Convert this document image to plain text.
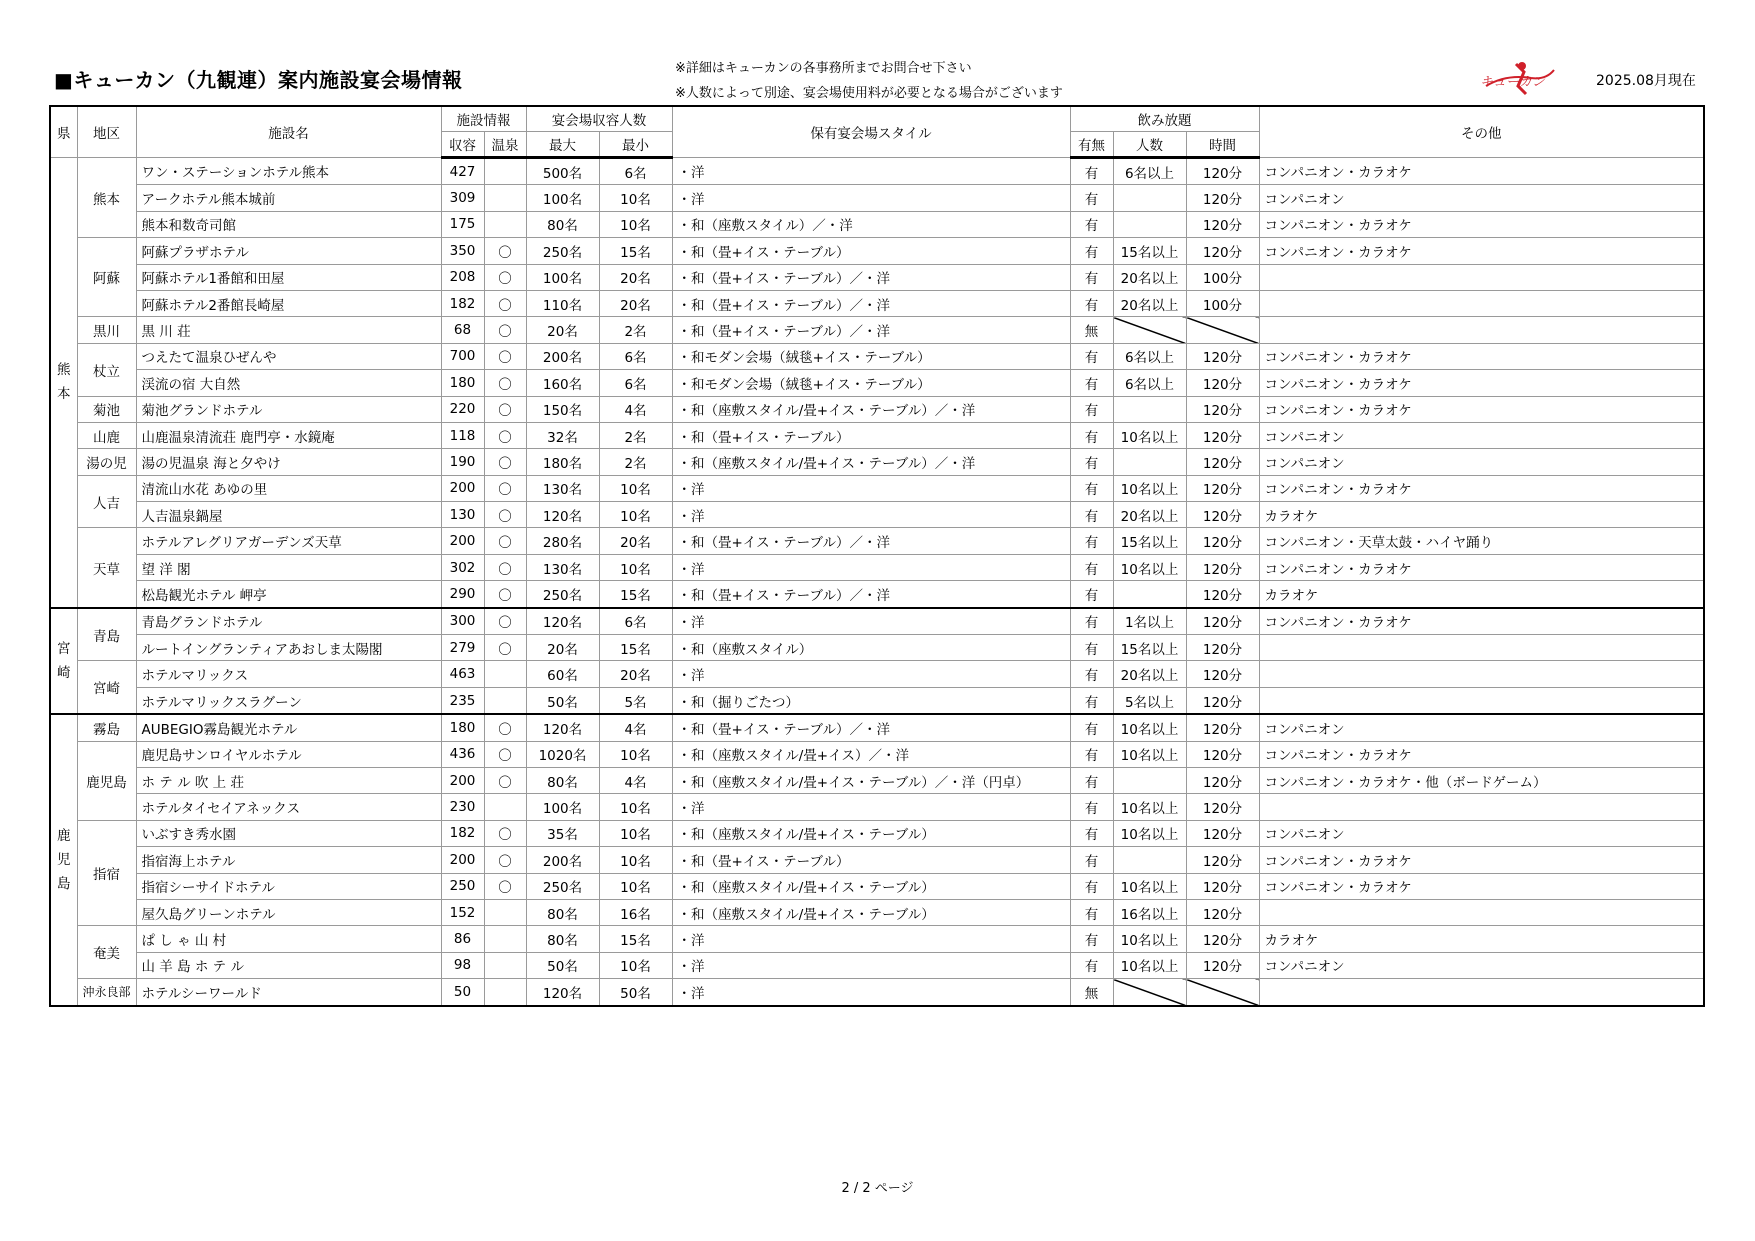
■キューカン（九観連）案内施設宴会場情報	※詳細はキューカンの各事務所までお問合せ下さい
※人数によって別途、宴会場使用料が必要となる場合がございます
キューカン	2025.08月現在
県	地区	施設名	施設情報		宴会場収容人数		保有宴会場スタイル	飲み放題			その他
			収容	温泉	最大	最小		有無	人数	時間	

熊
本	熊本	ワン・ステーションホテル熊本	427		500名	6名	・洋	有	6名以上	120分	コンパニオン・カラオケ
		アークホテル熊本城前	309		100名	10名	・洋	有		120分	コンパニオン
		熊本和数奇司館	175		80名	10名	・和（座敷スタイル）／・洋	有		120分	コンパニオン・カラオケ
	阿蘇	阿蘇プラザホテル	350	〇	250名	15名	・和（畳+イス・テーブル）	有	15名以上	120分	コンパニオン・カラオケ
		阿蘇ホテル1番館和田屋	208	〇	100名	20名	・和（畳+イス・テーブル）／・洋	有	20名以上	100分	
		阿蘇ホテル2番館長崎屋	182	〇	110名	20名	・和（畳+イス・テーブル）／・洋	有	20名以上	100分	
	黒川	黒 川 荘	68	〇	20名	2名	・和（畳+イス・テーブル）／・洋	無			
	杖立	つえたて温泉ひぜんや	700	〇	200名	6名	・和モダン会場（絨毯+イス・テーブル）	有	6名以上	120分	コンパニオン・カラオケ
		渓流の宿 大自然	180	〇	160名	6名	・和モダン会場（絨毯+イス・テーブル）	有	6名以上	120分	コンパニオン・カラオケ
	菊池	菊池グランドホテル	220	〇	150名	4名	・和（座敷スタイル/畳+イス・テーブル）／・洋	有		120分	コンパニオン・カラオケ
	山鹿	山鹿温泉清流荘 鹿門亭・水鏡庵	118	〇	32名	2名	・和（畳+イス・テーブル）	有	10名以上	120分	コンパニオン
	湯の児	湯の児温泉 海と夕やけ	190	〇	180名	2名	・和（座敷スタイル/畳+イス・テーブル）／・洋	有		120分	コンパニオン
	人吉	清流山水花 あゆの里	200	〇	130名	10名	・洋	有	10名以上	120分	コンパニオン・カラオケ
		人吉温泉鍋屋	130	〇	120名	10名	・洋	有	20名以上	120分	カラオケ
	天草	ホテルアレグリアガーデンズ天草	200	〇	280名	20名	・和（畳+イス・テーブル）／・洋	有	15名以上	120分	コンパニオン・天草太鼓・ハイヤ踊り
		望 洋 閣	302	〇	130名	10名	・洋	有	10名以上	120分	コンパニオン・カラオケ
		松島観光ホテル 岬亭	290	〇	250名	15名	・和（畳+イス・テーブル）／・洋	有		120分	カラオケ

宮
崎	青島	青島グランドホテル	300	〇	120名	6名	・洋	有	1名以上	120分	コンパニオン・カラオケ
		ルートイングランティアあおしま太陽閣	279	〇	20名	15名	・和（座敷スタイル）	有	15名以上	120分	
	宮崎	ホテルマリックス	463		60名	20名	・洋	有	20名以上	120分	
		ホテルマリックスラグーン	235		50名	5名	・和（掘りごたつ）	有	5名以上	120分	

鹿
児
島	霧島	AUBEGIO霧島観光ホテル	180	〇	120名	4名	・和（畳+イス・テーブル）／・洋	有	10名以上	120分	コンパニオン
	鹿児島	鹿児島サンロイヤルホテル	436	〇	1020名	10名	・和（座敷スタイル/畳+イス）／・洋	有	10名以上	120分	コンパニオン・カラオケ
		ホ テ ル 吹 上 荘	200	〇	80名	4名	・和（座敷スタイル/畳+イス・テーブル）／・洋（円卓）	有		120分	コンパニオン・カラオケ・他（ボードゲーム）
		ホテルタイセイアネックス	230		100名	10名	・洋	有	10名以上	120分	
	指宿	いぶすき秀水園	182	〇	35名	10名	・和（座敷スタイル/畳+イス・テーブル）	有	10名以上	120分	コンパニオン
		指宿海上ホテル	200	〇	200名	10名	・和（畳+イス・テーブル）	有		120分	コンパニオン・カラオケ
		指宿シーサイドホテル	250	〇	250名	10名	・和（座敷スタイル/畳+イス・テーブル）	有	10名以上	120分	コンパニオン・カラオケ
		屋久島グリーンホテル	152		80名	16名	・和（座敷スタイル/畳+イス・テーブル）	有	16名以上	120分	
	奄美	ぱ し ゃ 山 村	86		80名	15名	・洋	有	10名以上	120分	カラオケ
		山 羊 島 ホ テ ル	98		50名	10名	・洋	有	10名以上	120分	コンパニオン
	沖永良部	ホテルシーワールド	50		120名	50名	・洋	無			
2 / 2 ページ
